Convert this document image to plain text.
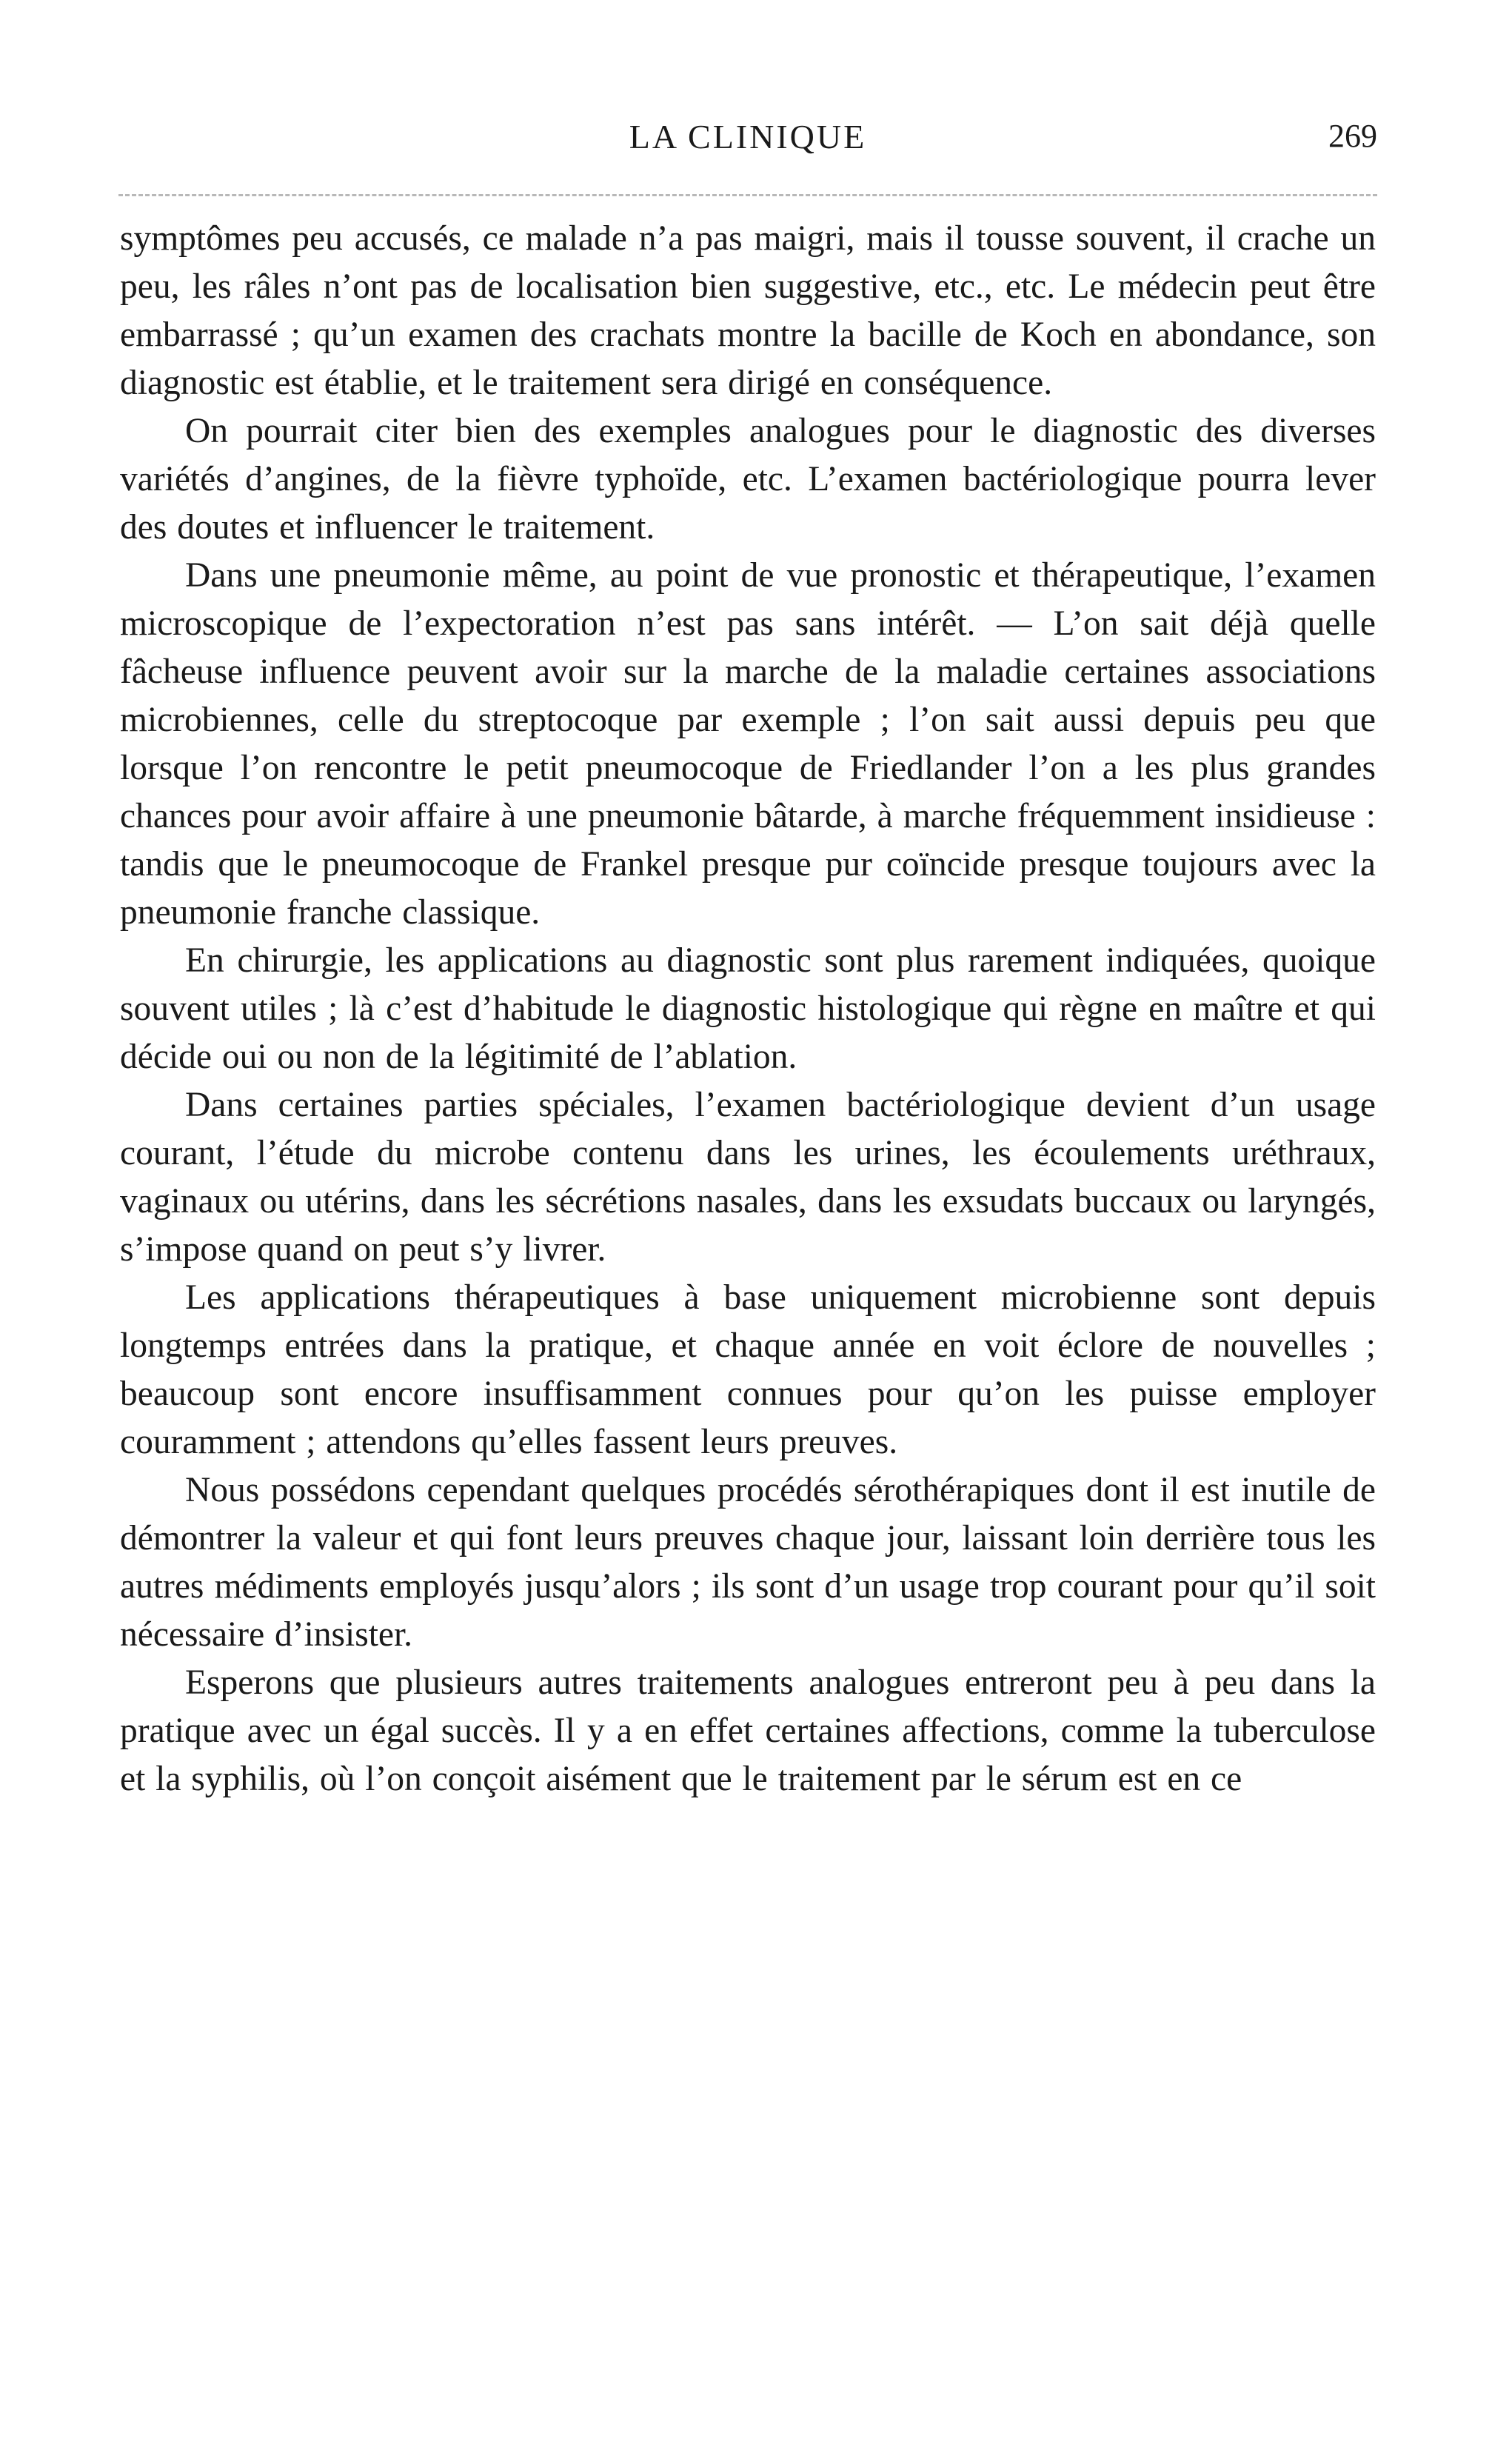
LA CLINIQUE	269

symptômes peu accusés, ce malade n’a pas maigri, mais il tousse souvent, il crache un peu, les râles n’ont pas de localisation bien suggestive, etc., etc. Le médecin peut être embarrassé ; qu’un examen des crachats montre la bacille de Koch en abondance, son diagnostic est établie, et le traitement sera dirigé en conséquence.

On pourrait citer bien des exemples analogues pour le diagnostic des diverses variétés d’angines, de la fièvre typhoïde, etc. L’examen bactériologique pourra lever des doutes et influencer le traitement.

Dans une pneumonie même, au point de vue pronostic et thérapeutique, l’examen microscopique de l’expectoration n’est pas sans intérêt. — L’on sait déjà quelle fâcheuse influence peuvent avoir sur la marche de la maladie certaines associations microbiennes, celle du streptocoque par exemple ; l’on sait aussi depuis peu que lorsque l’on rencontre le petit pneumocoque de Friedlander l’on a les plus grandes chances pour avoir affaire à une pneumonie bâtarde, à marche fréquemment insidieuse : tandis que le pneumocoque de Frankel presque pur coïncide presque toujours avec la pneumonie franche classique.

En chirurgie, les applications au diagnostic sont plus rarement indiquées, quoique souvent utiles ; là c’est d’habitude le diagnostic histologique qui règne en maître et qui décide oui ou non de la légitimité de l’ablation.

Dans certaines parties spéciales, l’examen bactériologique devient d’un usage courant, l’étude du microbe contenu dans les urines, les écoulements uréthraux, vaginaux ou utérins, dans les sécrétions nasales, dans les exsudats buccaux ou laryngés, s’impose quand on peut s’y livrer.

Les applications thérapeutiques à base uniquement microbienne sont depuis longtemps entrées dans la pratique, et chaque année en voit éclore de nouvelles ; beaucoup sont encore insuffisamment connues pour qu’on les puisse employer couramment ; attendons qu’elles fassent leurs preuves.

Nous possédons cependant quelques procédés sérothérapiques dont il est inutile de démontrer la valeur et qui font leurs preuves chaque jour, laissant loin derrière tous les autres médiments employés jusqu’alors ; ils sont d’un usage trop courant pour qu’il soit nécessaire d’insister.

Esperons que plusieurs autres traitements analogues entreront peu à peu dans la pratique avec un égal succès. Il y a en effet certaines affections, comme la tuberculose et la syphilis, où l’on conçoit aisément que le traitement par le sérum est en ce
